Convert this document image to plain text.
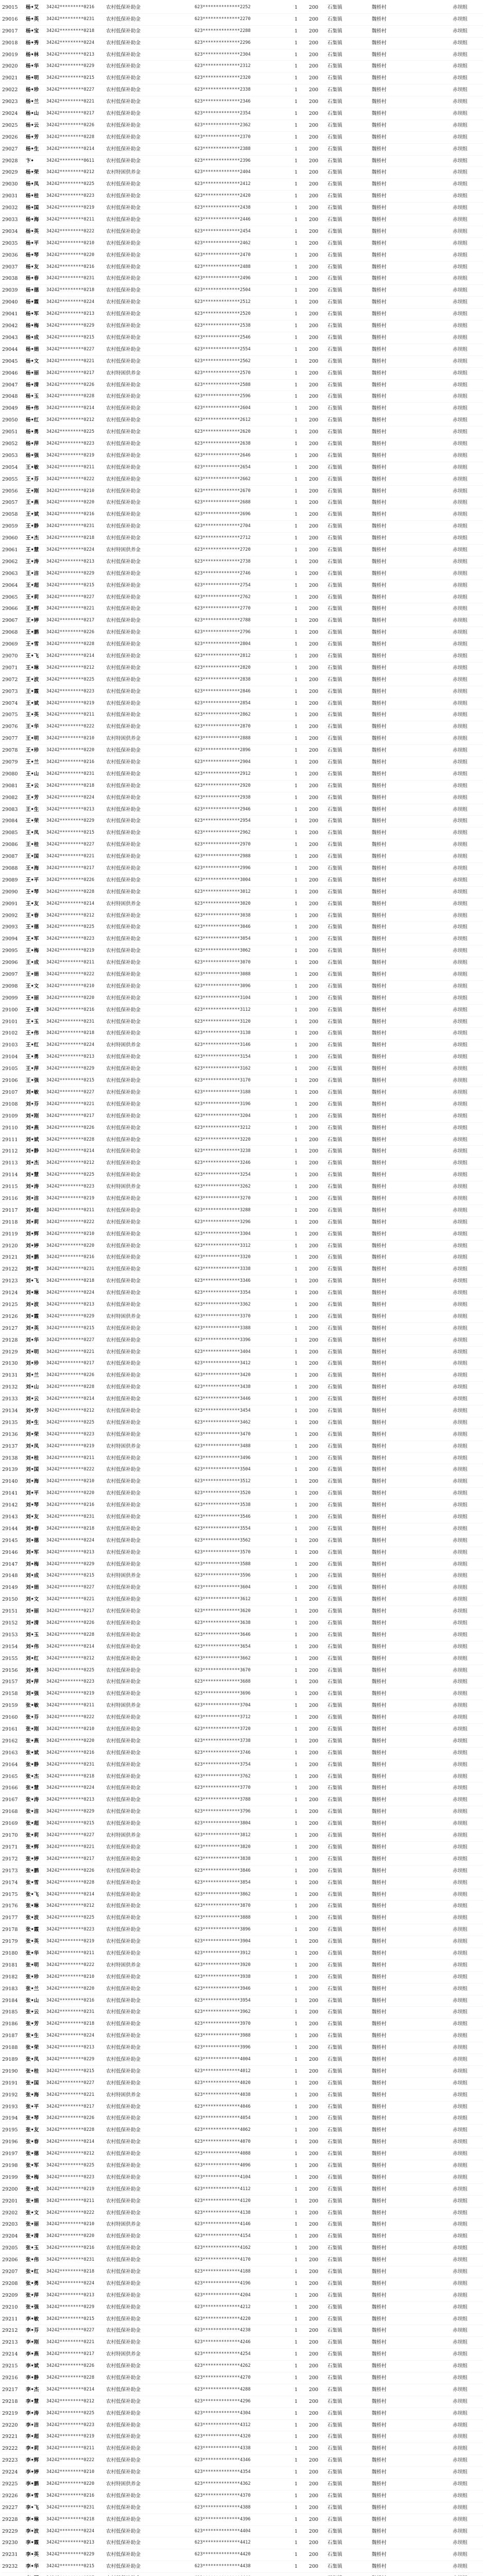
29015	杨•艾	34242*********0216	农村低保补助金	623**************2252	1	200	石集镇	魏桥村	赤坝组
29016	杨•英	34242*********0231	农村低保补助金	623**************2270	1	200	石集镇	魏桥村	赤坝组
29017	杨•宝	34242*********0218	农村低保补助金	623**************2288	1	200	石集镇	魏桥村	赤坝组
29018	杨•秀	34242*********0224	农村低保补助金	623**************2296	1	200	石集镇	魏桥村	赤坝组
29019	杨•林	34242*********0213	农村低保补助金	623**************2304	1	200	石集镇	魏桥村	赤坝组
29020	杨•华	34242*********0229	农村低保补助金	623**************2312	1	200	石集镇	魏桥村	赤坝组
29021	杨•明	34242*********0215	农村低保补助金	623**************2320	1	200	石集镇	魏桥村	赤坝组
29022	杨•珍	34242*********0227	农村低保补助金	623**************2338	1	200	石集镇	魏桥村	赤坝组
29023	杨•兰	34242*********0221	农村低保补助金	623**************2346	1	200	石集镇	魏桥村	赤坝组
29024	杨•山	34242*********0217	农村低保补助金	623**************2354	1	200	石集镇	魏桥村	赤坝组
29025	杨•云	34242*********0226	农村低保补助金	623**************2362	1	200	石集镇	魏桥村	赤坝组
29026	杨•芳	34242*********0228	农村低保补助金	623**************2370	1	200	石集镇	魏桥村	赤坝组
29027	杨•生	34242*********0214	农村低保补助金	623**************2388	1	200	石集镇	魏桥村	赤坝组
29028	卞•	34242*********0611	农村低保补助金	623**************2396	1	200	石集镇	魏桥村	赤坝组
29029	杨•荣	34242*********0212	农村特困供养金	623**************2404	1	200	石集镇	魏桥村	赤坝组
29030	杨•凤	34242*********0225	农村低保补助金	623**************2412	1	200	石集镇	魏桥村	赤坝组
29031	杨•桂	34242*********0223	农村低保补助金	623**************2420	1	200	石集镇	魏桥村	赤坝组
29032	杨•国	34242*********0219	农村低保补助金	623**************2438	1	200	石集镇	魏桥村	赤坝组
29033	杨•海	34242*********0211	农村低保补助金	623**************2446	1	200	石集镇	魏桥村	赤坝组
29034	杨•英	34242*********0222	农村低保补助金	623**************2454	1	200	石集镇	魏桥村	赤坝组
29035	杨•平	34242*********0210	农村低保补助金	623**************2462	1	200	石集镇	魏桥村	赤坝组
29036	杨•琴	34242*********0220	农村低保补助金	623**************2470	1	200	石集镇	魏桥村	赤坝组
29037	杨•友	34242*********0216	农村低保补助金	623**************2488	1	200	石集镇	魏桥村	赤坝组
29038	杨•春	34242*********0231	农村低保补助金	623**************2496	1	200	石集镇	魏桥村	赤坝组
29039	杨•德	34242*********0218	农村低保补助金	623**************2504	1	200	石集镇	魏桥村	赤坝组
29040	杨•霞	34242*********0224	农村低保补助金	623**************2512	1	200	石集镇	魏桥村	赤坝组
29041	杨•军	34242*********0213	农村低保补助金	623**************2520	1	200	石集镇	魏桥村	赤坝组
29042	杨•梅	34242*********0229	农村低保补助金	623**************2538	1	200	石集镇	魏桥村	赤坝组
29043	杨•成	34242*********0215	农村低保补助金	623**************2546	1	200	石集镇	魏桥村	赤坝组
29044	杨•娟	34242*********0227	农村低保补助金	623**************2554	1	200	石集镇	魏桥村	赤坝组
29045	杨•文	34242*********0221	农村低保补助金	623**************2562	1	200	石集镇	魏桥村	赤坝组
29046	杨•丽	34242*********0217	农村特困供养金	623**************2570	1	200	石集镇	魏桥村	赤坝组
29047	杨•清	34242*********0226	农村低保补助金	623**************2588	1	200	石集镇	魏桥村	赤坝组
29048	杨•玉	34242*********0228	农村低保补助金	623**************2596	1	200	石集镇	魏桥村	赤坝组
29049	杨•伟	34242*********0214	农村低保补助金	623**************2604	1	200	石集镇	魏桥村	赤坝组
29050	杨•红	34242*********0212	农村低保补助金	623**************2612	1	200	石集镇	魏桥村	赤坝组
29051	杨•勇	34242*********0225	农村低保补助金	623**************2620	1	200	石集镇	魏桥村	赤坝组
29052	杨•萍	34242*********0223	农村低保补助金	623**************2638	1	200	石集镇	魏桥村	赤坝组
29053	杨•强	34242*********0219	农村低保补助金	623**************2646	1	200	石集镇	魏桥村	赤坝组
29054	王•敏	34242*********0211	农村低保补助金	623**************2654	1	200	石集镇	魏桥村	赤坝组
29055	王•芬	34242*********0222	农村低保补助金	623**************2662	1	200	石集镇	魏桥村	赤坝组
29056	王•刚	34242*********0210	农村低保补助金	623**************2670	1	200	石集镇	魏桥村	赤坝组
29057	王•燕	34242*********0220	农村低保补助金	623**************2688	1	200	石集镇	魏桥村	赤坝组
29058	王•斌	34242*********0216	农村低保补助金	623**************2696	1	200	石集镇	魏桥村	赤坝组
29059	王•静	34242*********0231	农村低保补助金	623**************2704	1	200	石集镇	魏桥村	赤坝组
29060	王•杰	34242*********0218	农村低保补助金	623**************2712	1	200	石集镇	魏桥村	赤坝组
29061	王•慧	34242*********0224	农村特困供养金	623**************2720	1	200	石集镇	魏桥村	赤坝组
29062	王•涛	34242*********0213	农村低保补助金	623**************2738	1	200	石集镇	魏桥村	赤坝组
29063	王•洁	34242*********0229	农村低保补助金	623**************2746	1	200	石集镇	魏桥村	赤坝组
29064	王•超	34242*********0215	农村低保补助金	623**************2754	1	200	石集镇	魏桥村	赤坝组
29065	王•莉	34242*********0227	农村低保补助金	623**************2762	1	200	石集镇	魏桥村	赤坝组
29066	王•辉	34242*********0221	农村低保补助金	623**************2770	1	200	石集镇	魏桥村	赤坝组
29067	王•婷	34242*********0217	农村低保补助金	623**************2788	1	200	石集镇	魏桥村	赤坝组
29068	王•鹏	34242*********0226	农村低保补助金	623**************2796	1	200	石集镇	魏桥村	赤坝组
29069	王•雪	34242*********0228	农村低保补助金	623**************2804	1	200	石集镇	魏桥村	赤坝组
29070	王•飞	34242*********0214	农村低保补助金	623**************2812	1	200	石集镇	魏桥村	赤坝组
29071	王•琳	34242*********0212	农村低保补助金	623**************2820	1	200	石集镇	魏桥村	赤坝组
29072	王•波	34242*********0225	农村低保补助金	623**************2838	1	200	石集镇	魏桥村	赤坝组
29073	王•霞	34242*********0223	农村低保补助金	623**************2846	1	200	石集镇	魏桥村	赤坝组
29074	王•斌	34242*********0219	农村低保补助金	623**************2854	1	200	石集镇	魏桥村	赤坝组
29075	王•英	34242*********0211	农村低保补助金	623**************2862	1	200	石集镇	魏桥村	赤坝组
29076	王•华	34242*********0222	农村低保补助金	623**************2870	1	200	石集镇	魏桥村	赤坝组
29077	王•明	34242*********0210	农村特困供养金	623**************2888	1	200	石集镇	魏桥村	赤坝组
29078	王•珍	34242*********0220	农村低保补助金	623**************2896	1	200	石集镇	魏桥村	赤坝组
29079	王•兰	34242*********0216	农村低保补助金	623**************2904	1	200	石集镇	魏桥村	赤坝组
29080	王•山	34242*********0231	农村低保补助金	623**************2912	1	200	石集镇	魏桥村	赤坝组
29081	王•云	34242*********0218	农村低保补助金	623**************2920	1	200	石集镇	魏桥村	赤坝组
29082	王•芳	34242*********0224	农村低保补助金	623**************2938	1	200	石集镇	魏桥村	赤坝组
29083	王•生	34242*********0213	农村低保补助金	623**************2946	1	200	石集镇	魏桥村	赤坝组
29084	王•荣	34242*********0229	农村低保补助金	623**************2954	1	200	石集镇	魏桥村	赤坝组
29085	王•凤	34242*********0215	农村低保补助金	623**************2962	1	200	石集镇	魏桥村	赤坝组
29086	王•桂	34242*********0227	农村低保补助金	623**************2970	1	200	石集镇	魏桥村	赤坝组
29087	王•国	34242*********0221	农村低保补助金	623**************2988	1	200	石集镇	魏桥村	赤坝组
29088	王•海	34242*********0217	农村低保补助金	623**************2996	1	200	石集镇	魏桥村	赤坝组
29089	王•平	34242*********0226	农村低保补助金	623**************3004	1	200	石集镇	魏桥村	赤坝组
29090	王•琴	34242*********0228	农村低保补助金	623**************3012	1	200	石集镇	魏桥村	赤坝组
29091	王•友	34242*********0214	农村特困供养金	623**************3020	1	200	石集镇	魏桥村	赤坝组
29092	王•春	34242*********0212	农村低保补助金	623**************3038	1	200	石集镇	魏桥村	赤坝组
29093	王•德	34242*********0225	农村低保补助金	623**************3046	1	200	石集镇	魏桥村	赤坝组
29094	王•军	34242*********0223	农村低保补助金	623**************3054	1	200	石集镇	魏桥村	赤坝组
29095	王•梅	34242*********0219	农村低保补助金	623**************3062	1	200	石集镇	魏桥村	赤坝组
29096	王•成	34242*********0211	农村低保补助金	623**************3070	1	200	石集镇	魏桥村	赤坝组
29097	王•娟	34242*********0222	农村低保补助金	623**************3088	1	200	石集镇	魏桥村	赤坝组
29098	王•文	34242*********0210	农村低保补助金	623**************3096	1	200	石集镇	魏桥村	赤坝组
29099	王•丽	34242*********0220	农村低保补助金	623**************3104	1	200	石集镇	魏桥村	赤坝组
29100	王•清	34242*********0216	农村低保补助金	623**************3112	1	200	石集镇	魏桥村	赤坝组
29101	王•玉	34242*********0231	农村低保补助金	623**************3120	1	200	石集镇	魏桥村	赤坝组
29102	王•伟	34242*********0218	农村低保补助金	623**************3138	1	200	石集镇	魏桥村	赤坝组
29103	王•红	34242*********0224	农村特困供养金	623**************3146	1	200	石集镇	魏桥村	赤坝组
29104	王•勇	34242*********0213	农村低保补助金	623**************3154	1	200	石集镇	魏桥村	赤坝组
29105	王•萍	34242*********0229	农村低保补助金	623**************3162	1	200	石集镇	魏桥村	赤坝组
29106	王•强	34242*********0215	农村低保补助金	623**************3170	1	200	石集镇	魏桥村	赤坝组
29107	刘•敏	34242*********0227	农村低保补助金	623**************3188	1	200	石集镇	魏桥村	赤坝组
29108	刘•芬	34242*********0221	农村低保补助金	623**************3196	1	200	石集镇	魏桥村	赤坝组
29109	刘•刚	34242*********0217	农村低保补助金	623**************3204	1	200	石集镇	魏桥村	赤坝组
29110	刘•燕	34242*********0226	农村低保补助金	623**************3212	1	200	石集镇	魏桥村	赤坝组
29111	刘•斌	34242*********0228	农村低保补助金	623**************3220	1	200	石集镇	魏桥村	赤坝组
29112	刘•静	34242*********0214	农村低保补助金	623**************3238	1	200	石集镇	魏桥村	赤坝组
29113	刘•杰	34242*********0212	农村低保补助金	623**************3246	1	200	石集镇	魏桥村	赤坝组
29114	刘•慧	34242*********0225	农村低保补助金	623**************3254	1	200	石集镇	魏桥村	赤坝组
29115	刘•涛	34242*********0223	农村特困供养金	623**************3262	1	200	石集镇	魏桥村	赤坝组
29116	刘•洁	34242*********0219	农村低保补助金	623**************3270	1	200	石集镇	魏桥村	赤坝组
29117	刘•超	34242*********0211	农村低保补助金	623**************3288	1	200	石集镇	魏桥村	赤坝组
29118	刘•莉	34242*********0222	农村低保补助金	623**************3296	1	200	石集镇	魏桥村	赤坝组
29119	刘•辉	34242*********0210	农村低保补助金	623**************3304	1	200	石集镇	魏桥村	赤坝组
29120	刘•婷	34242*********0220	农村低保补助金	623**************3312	1	200	石集镇	魏桥村	赤坝组
29121	刘•鹏	34242*********0216	农村低保补助金	623**************3320	1	200	石集镇	魏桥村	赤坝组
29122	刘•雪	34242*********0231	农村低保补助金	623**************3338	1	200	石集镇	魏桥村	赤坝组
29123	刘•飞	34242*********0218	农村低保补助金	623**************3346	1	200	石集镇	魏桥村	赤坝组
29124	刘•琳	34242*********0224	农村低保补助金	623**************3354	1	200	石集镇	魏桥村	赤坝组
29125	刘•波	34242*********0213	农村低保补助金	623**************3362	1	200	石集镇	魏桥村	赤坝组
29126	刘•霞	34242*********0229	农村特困供养金	623**************3370	1	200	石集镇	魏桥村	赤坝组
29127	刘•英	34242*********0215	农村低保补助金	623**************3388	1	200	石集镇	魏桥村	赤坝组
29128	刘•华	34242*********0227	农村低保补助金	623**************3396	1	200	石集镇	魏桥村	赤坝组
29129	刘•明	34242*********0221	农村低保补助金	623**************3404	1	200	石集镇	魏桥村	赤坝组
29130	刘•珍	34242*********0217	农村低保补助金	623**************3412	1	200	石集镇	魏桥村	赤坝组
29131	刘•兰	34242*********0226	农村低保补助金	623**************3420	1	200	石集镇	魏桥村	赤坝组
29132	刘•山	34242*********0228	农村低保补助金	623**************3438	1	200	石集镇	魏桥村	赤坝组
29133	刘•云	34242*********0214	农村低保补助金	623**************3446	1	200	石集镇	魏桥村	赤坝组
29134	刘•芳	34242*********0212	农村低保补助金	623**************3454	1	200	石集镇	魏桥村	赤坝组
29135	刘•生	34242*********0225	农村低保补助金	623**************3462	1	200	石集镇	魏桥村	赤坝组
29136	刘•荣	34242*********0223	农村低保补助金	623**************3470	1	200	石集镇	魏桥村	赤坝组
29137	刘•凤	34242*********0219	农村特困供养金	623**************3488	1	200	石集镇	魏桥村	赤坝组
29138	刘•桂	34242*********0211	农村低保补助金	623**************3496	1	200	石集镇	魏桥村	赤坝组
29139	刘•国	34242*********0222	农村低保补助金	623**************3504	1	200	石集镇	魏桥村	赤坝组
29140	刘•海	34242*********0210	农村低保补助金	623**************3512	1	200	石集镇	魏桥村	赤坝组
29141	刘•平	34242*********0220	农村低保补助金	623**************3520	1	200	石集镇	魏桥村	赤坝组
29142	刘•琴	34242*********0216	农村低保补助金	623**************3538	1	200	石集镇	魏桥村	赤坝组
29143	刘•友	34242*********0231	农村低保补助金	623**************3546	1	200	石集镇	魏桥村	赤坝组
29144	刘•春	34242*********0218	农村低保补助金	623**************3554	1	200	石集镇	魏桥村	赤坝组
29145	刘•德	34242*********0224	农村低保补助金	623**************3562	1	200	石集镇	魏桥村	赤坝组
29146	刘•军	34242*********0213	农村低保补助金	623**************3570	1	200	石集镇	魏桥村	赤坝组
29147	刘•梅	34242*********0229	农村低保补助金	623**************3588	1	200	石集镇	魏桥村	赤坝组
29148	刘•成	34242*********0215	农村特困供养金	623**************3596	1	200	石集镇	魏桥村	赤坝组
29149	刘•娟	34242*********0227	农村低保补助金	623**************3604	1	200	石集镇	魏桥村	赤坝组
29150	刘•文	34242*********0221	农村低保补助金	623**************3612	1	200	石集镇	魏桥村	赤坝组
29151	刘•丽	34242*********0217	农村低保补助金	623**************3620	1	200	石集镇	魏桥村	赤坝组
29152	刘•清	34242*********0226	农村低保补助金	623**************3638	1	200	石集镇	魏桥村	赤坝组
29153	刘•玉	34242*********0228	农村低保补助金	623**************3646	1	200	石集镇	魏桥村	赤坝组
29154	刘•伟	34242*********0214	农村低保补助金	623**************3654	1	200	石集镇	魏桥村	赤坝组
29155	刘•红	34242*********0212	农村低保补助金	623**************3662	1	200	石集镇	魏桥村	赤坝组
29156	刘•勇	34242*********0225	农村低保补助金	623**************3670	1	200	石集镇	魏桥村	赤坝组
29157	刘•萍	34242*********0223	农村低保补助金	623**************3688	1	200	石集镇	魏桥村	赤坝组
29158	刘•强	34242*********0219	农村低保补助金	623**************3696	1	200	石集镇	魏桥村	赤坝组
29159	张•敏	34242*********0211	农村特困供养金	623**************3704	1	200	石集镇	魏桥村	赤坝组
29160	张•芬	34242*********0222	农村低保补助金	623**************3712	1	200	石集镇	魏桥村	赤坝组
29161	张•刚	34242*********0210	农村低保补助金	623**************3720	1	200	石集镇	魏桥村	赤坝组
29162	张•燕	34242*********0220	农村低保补助金	623**************3738	1	200	石集镇	魏桥村	赤坝组
29163	张•斌	34242*********0216	农村低保补助金	623**************3746	1	200	石集镇	魏桥村	赤坝组
29164	张•静	34242*********0231	农村低保补助金	623**************3754	1	200	石集镇	魏桥村	赤坝组
29165	张•杰	34242*********0218	农村低保补助金	623**************3762	1	200	石集镇	魏桥村	赤坝组
29166	张•慧	34242*********0224	农村低保补助金	623**************3770	1	200	石集镇	魏桥村	赤坝组
29167	张•涛	34242*********0213	农村低保补助金	623**************3788	1	200	石集镇	魏桥村	赤坝组
29168	张•洁	34242*********0229	农村低保补助金	623**************3796	1	200	石集镇	魏桥村	赤坝组
29169	张•超	34242*********0215	农村低保补助金	623**************3804	1	200	石集镇	魏桥村	赤坝组
29170	张•莉	34242*********0227	农村特困供养金	623**************3812	1	200	石集镇	魏桥村	赤坝组
29171	张•辉	34242*********0221	农村低保补助金	623**************3820	1	200	石集镇	魏桥村	赤坝组
29172	张•婷	34242*********0217	农村低保补助金	623**************3838	1	200	石集镇	魏桥村	赤坝组
29173	张•鹏	34242*********0226	农村低保补助金	623**************3846	1	200	石集镇	魏桥村	赤坝组
29174	张•雪	34242*********0228	农村低保补助金	623**************3854	1	200	石集镇	魏桥村	赤坝组
29175	张•飞	34242*********0214	农村低保补助金	623**************3862	1	200	石集镇	魏桥村	赤坝组
29176	张•琳	34242*********0212	农村低保补助金	623**************3870	1	200	石集镇	魏桥村	赤坝组
29177	张•波	34242*********0225	农村低保补助金	623**************3888	1	200	石集镇	魏桥村	赤坝组
29178	张•霞	34242*********0223	农村低保补助金	623**************3896	1	200	石集镇	魏桥村	赤坝组
29179	张•英	34242*********0219	农村低保补助金	623**************3904	1	200	石集镇	魏桥村	赤坝组
29180	张•华	34242*********0211	农村低保补助金	623**************3912	1	200	石集镇	魏桥村	赤坝组
29181	张•明	34242*********0222	农村特困供养金	623**************3920	1	200	石集镇	魏桥村	赤坝组
29182	张•珍	34242*********0210	农村低保补助金	623**************3938	1	200	石集镇	魏桥村	赤坝组
29183	张•兰	34242*********0220	农村低保补助金	623**************3946	1	200	石集镇	魏桥村	赤坝组
29184	张•山	34242*********0216	农村低保补助金	623**************3954	1	200	石集镇	魏桥村	赤坝组
29185	张•云	34242*********0231	农村低保补助金	623**************3962	1	200	石集镇	魏桥村	赤坝组
29186	张•芳	34242*********0218	农村低保补助金	623**************3970	1	200	石集镇	魏桥村	赤坝组
29187	张•生	34242*********0224	农村低保补助金	623**************3988	1	200	石集镇	魏桥村	赤坝组
29188	张•荣	34242*********0213	农村低保补助金	623**************3996	1	200	石集镇	魏桥村	赤坝组
29189	张•凤	34242*********0229	农村低保补助金	623**************4004	1	200	石集镇	魏桥村	赤坝组
29190	张•桂	34242*********0215	农村低保补助金	623**************4012	1	200	石集镇	魏桥村	赤坝组
29191	张•国	34242*********0227	农村低保补助金	623**************4020	1	200	石集镇	魏桥村	赤坝组
29192	张•海	34242*********0221	农村特困供养金	623**************4038	1	200	石集镇	魏桥村	赤坝组
29193	张•平	34242*********0217	农村低保补助金	623**************4046	1	200	石集镇	魏桥村	赤坝组
29194	张•琴	34242*********0226	农村低保补助金	623**************4054	1	200	石集镇	魏桥村	赤坝组
29195	张•友	34242*********0228	农村低保补助金	623**************4062	1	200	石集镇	魏桥村	赤坝组
29196	张•春	34242*********0214	农村低保补助金	623**************4070	1	200	石集镇	魏桥村	赤坝组
29197	张•德	34242*********0212	农村低保补助金	623**************4088	1	200	石集镇	魏桥村	赤坝组
29198	张•军	34242*********0225	农村低保补助金	623**************4096	1	200	石集镇	魏桥村	赤坝组
29199	张•梅	34242*********0223	农村低保补助金	623**************4104	1	200	石集镇	魏桥村	赤坝组
29200	张•成	34242*********0219	农村低保补助金	623**************4112	1	200	石集镇	魏桥村	赤坝组
29201	张•娟	34242*********0211	农村低保补助金	623**************4120	1	200	石集镇	魏桥村	赤坝组
29202	张•文	34242*********0222	农村低保补助金	623**************4138	1	200	石集镇	魏桥村	赤坝组
29203	张•丽	34242*********0210	农村特困供养金	623**************4146	1	200	石集镇	魏桥村	赤坝组
29204	张•清	34242*********0220	农村低保补助金	623**************4154	1	200	石集镇	魏桥村	赤坝组
29205	张•玉	34242*********0216	农村低保补助金	623**************4162	1	200	石集镇	魏桥村	赤坝组
29206	张•伟	34242*********0231	农村低保补助金	623**************4170	1	200	石集镇	魏桥村	赤坝组
29207	张•红	34242*********0218	农村低保补助金	623**************4188	1	200	石集镇	魏桥村	赤坝组
29208	张•勇	34242*********0224	农村低保补助金	623**************4196	1	200	石集镇	魏桥村	赤坝组
29209	张•萍	34242*********0213	农村低保补助金	623**************4204	1	200	石集镇	魏桥村	赤坝组
29210	张•强	34242*********0229	农村低保补助金	623**************4212	1	200	石集镇	魏桥村	赤坝组
29211	李•敏	34242*********0215	农村低保补助金	623**************4220	1	200	石集镇	魏桥村	赤坝组
29212	李•芬	34242*********0227	农村低保补助金	623**************4238	1	200	石集镇	魏桥村	赤坝组
29213	李•刚	34242*********0221	农村低保补助金	623**************4246	1	200	石集镇	魏桥村	赤坝组
29214	李•燕	34242*********0217	农村特困供养金	623**************4254	1	200	石集镇	魏桥村	赤坝组
29215	李•斌	34242*********0226	农村低保补助金	623**************4262	1	200	石集镇	魏桥村	赤坝组
29216	李•静	34242*********0228	农村低保补助金	623**************4270	1	200	石集镇	魏桥村	赤坝组
29217	李•杰	34242*********0214	农村低保补助金	623**************4288	1	200	石集镇	魏桥村	赤坝组
29218	李•慧	34242*********0212	农村低保补助金	623**************4296	1	200	石集镇	魏桥村	赤坝组
29219	李•涛	34242*********0225	农村低保补助金	623**************4304	1	200	石集镇	魏桥村	赤坝组
29220	李•洁	34242*********0223	农村低保补助金	623**************4312	1	200	石集镇	魏桥村	赤坝组
29221	李•超	34242*********0219	农村低保补助金	623**************4320	1	200	石集镇	魏桥村	赤坝组
29222	李•莉	34242*********0211	农村低保补助金	623**************4338	1	200	石集镇	魏桥村	赤坝组
29223	李•辉	34242*********0222	农村低保补助金	623**************4346	1	200	石集镇	魏桥村	赤坝组
29224	李•婷	34242*********0210	农村低保补助金	623**************4354	1	200	石集镇	魏桥村	赤坝组
29225	李•鹏	34242*********0220	农村特困供养金	623**************4362	1	200	石集镇	魏桥村	赤坝组
29226	李•雪	34242*********0216	农村低保补助金	623**************4370	1	200	石集镇	魏桥村	赤坝组
29227	李•飞	34242*********0231	农村低保补助金	623**************4388	1	200	石集镇	魏桥村	赤坝组
29228	李•琳	34242*********0218	农村低保补助金	623**************4396	1	200	石集镇	魏桥村	赤坝组
29229	李•波	34242*********0224	农村低保补助金	623**************4404	1	200	石集镇	魏桥村	赤坝组
29230	李•霞	34242*********0213	农村低保补助金	623**************4412	1	200	石集镇	魏桥村	赤坝组
29231	李•英	34242*********0229	农村低保补助金	623**************4420	1	200	石集镇	魏桥村	赤坝组
29232	李•华	34242*********0215	农村低保补助金	623**************4438	1	200	石集镇	魏桥村	赤坝组
